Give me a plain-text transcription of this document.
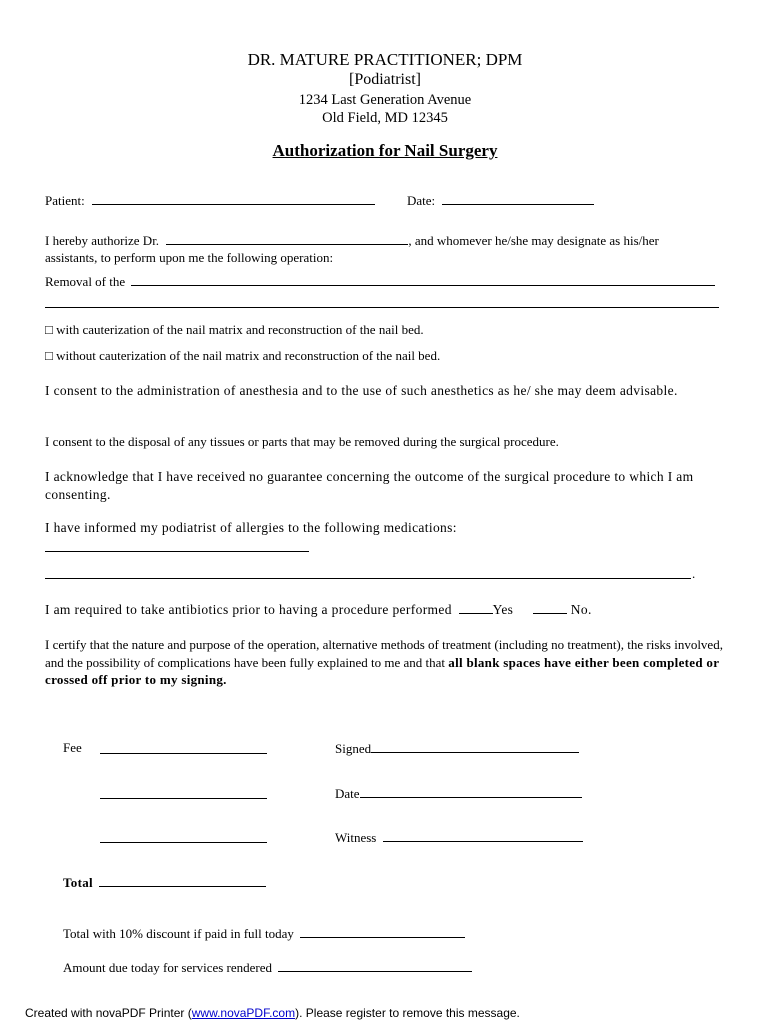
DR. MATURE PRACTITIONER; DPM
[Podiatrist]
1234 Last Generation Avenue
Old Field, MD 12345
Authorization for Nail Surgery
Patient:	Date:
I hereby authorize Dr.	, and whomever he/she may designate as his/her
assistants, to perform upon me the following operation:
Removal of the
□ with cauterization of the nail matrix and reconstruction of the nail bed.
□ without cauterization of the nail matrix and reconstruction of the nail bed.
I consent to the administration of anesthesia and to the use of such anesthetics as he/ she may deem advisable.
I consent to the disposal of any tissues or parts that may be removed during the surgical procedure.
I acknowledge that I have received no guarantee concerning the outcome of the surgical procedure to which I am consenting.
I have informed my podiatrist of allergies to the following medications:
.
I am required to take antibiotics prior to having a procedure performed	Yes	No.
I certify that the nature and purpose of the operation, alternative methods of treatment (including no treatment), the risks involved, and the possibility of complications have been fully explained to me and that all blank spaces have either been completed or crossed off prior to my signing.
Fee	Signed
Date
Witness
Total
Total with 10% discount if paid in full today
Amount due today for services rendered
Created with novaPDF Printer (www.novaPDF.com). Please register to remove this message.
